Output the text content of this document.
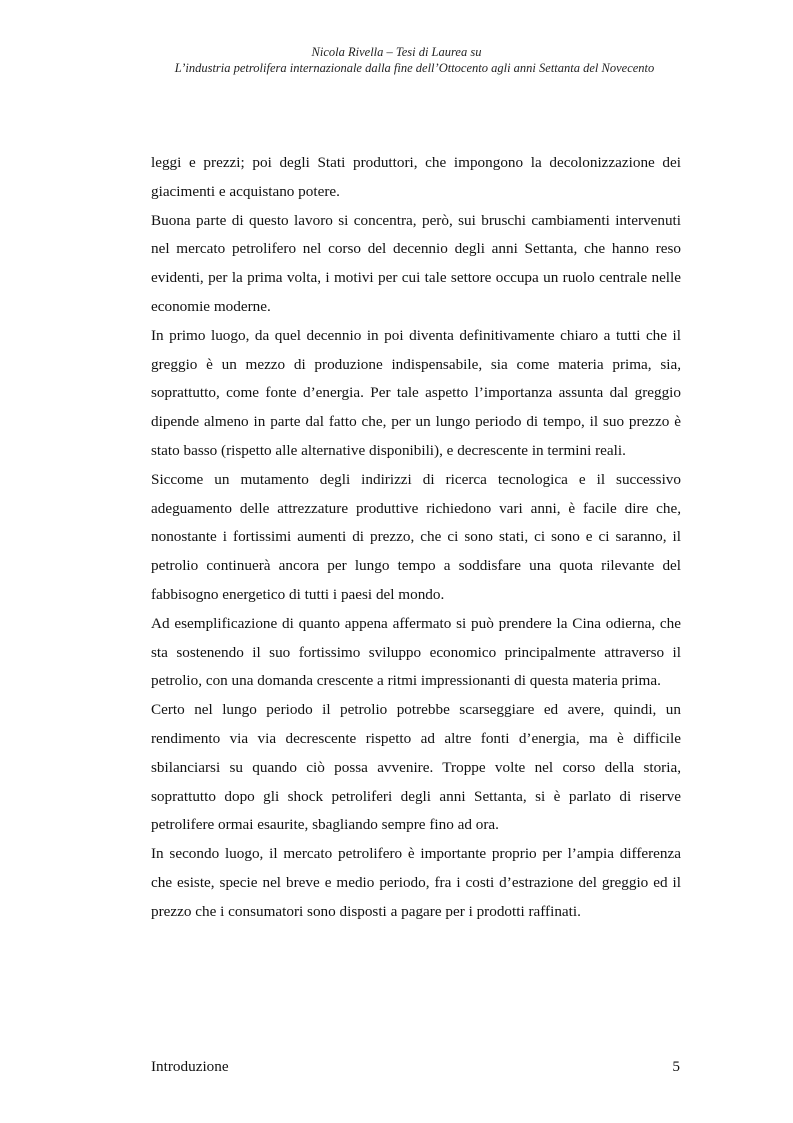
Nicola Rivella – Tesi di Laurea su
L’industria petrolifera internazionale dalla fine dell’Ottocento agli anni Settanta del Novecento

leggi e prezzi; poi degli Stati produttori, che impongono la decolonizzazione dei giacimenti e acquistano potere.

Buona parte di questo lavoro si concentra, però, sui bruschi cambiamenti intervenuti nel mercato petrolifero nel corso del decennio degli anni Settanta, che hanno reso evidenti, per la prima volta, i motivi per cui tale settore occupa un ruolo centrale nelle economie moderne.

In primo luogo, da quel decennio in poi diventa definitivamente chiaro a tutti che il greggio è un mezzo di produzione indispensabile, sia come materia prima, sia, soprattutto, come fonte d’energia. Per tale aspetto l’importanza assunta dal greggio dipende almeno in parte dal fatto che, per un lungo periodo di tempo, il suo prezzo è stato basso (rispetto alle alternative disponibili), e decrescente in termini reali.

Siccome un mutamento degli indirizzi di ricerca tecnologica e il successivo adeguamento delle attrezzature produttive richiedono vari anni, è facile dire che, nonostante i fortissimi aumenti di prezzo, che ci sono stati, ci sono e ci saranno, il petrolio continuerà ancora per lungo tempo a soddisfare una quota rilevante del fabbisogno energetico di tutti i paesi del mondo.

Ad esemplificazione di quanto appena affermato si può prendere la Cina odierna, che sta sostenendo il suo fortissimo sviluppo economico principalmente attraverso il petrolio, con una domanda crescente a ritmi impressionanti di questa materia prima.

Certo nel lungo periodo il petrolio potrebbe scarseggiare ed avere, quindi, un rendimento via via decrescente rispetto ad altre fonti d’energia, ma è difficile sbilanciarsi su quando ciò possa avvenire. Troppe volte nel corso della storia, soprattutto dopo gli shock petroliferi degli anni Settanta, si è parlato di riserve petrolifere ormai esaurite, sbagliando sempre fino ad ora.

In secondo luogo, il mercato petrolifero è importante proprio per l’ampia differenza che esiste, specie nel breve e medio periodo, fra i costi d’estrazione del greggio ed il prezzo che i consumatori sono disposti a pagare per i prodotti raffinati.

Introduzione	5
